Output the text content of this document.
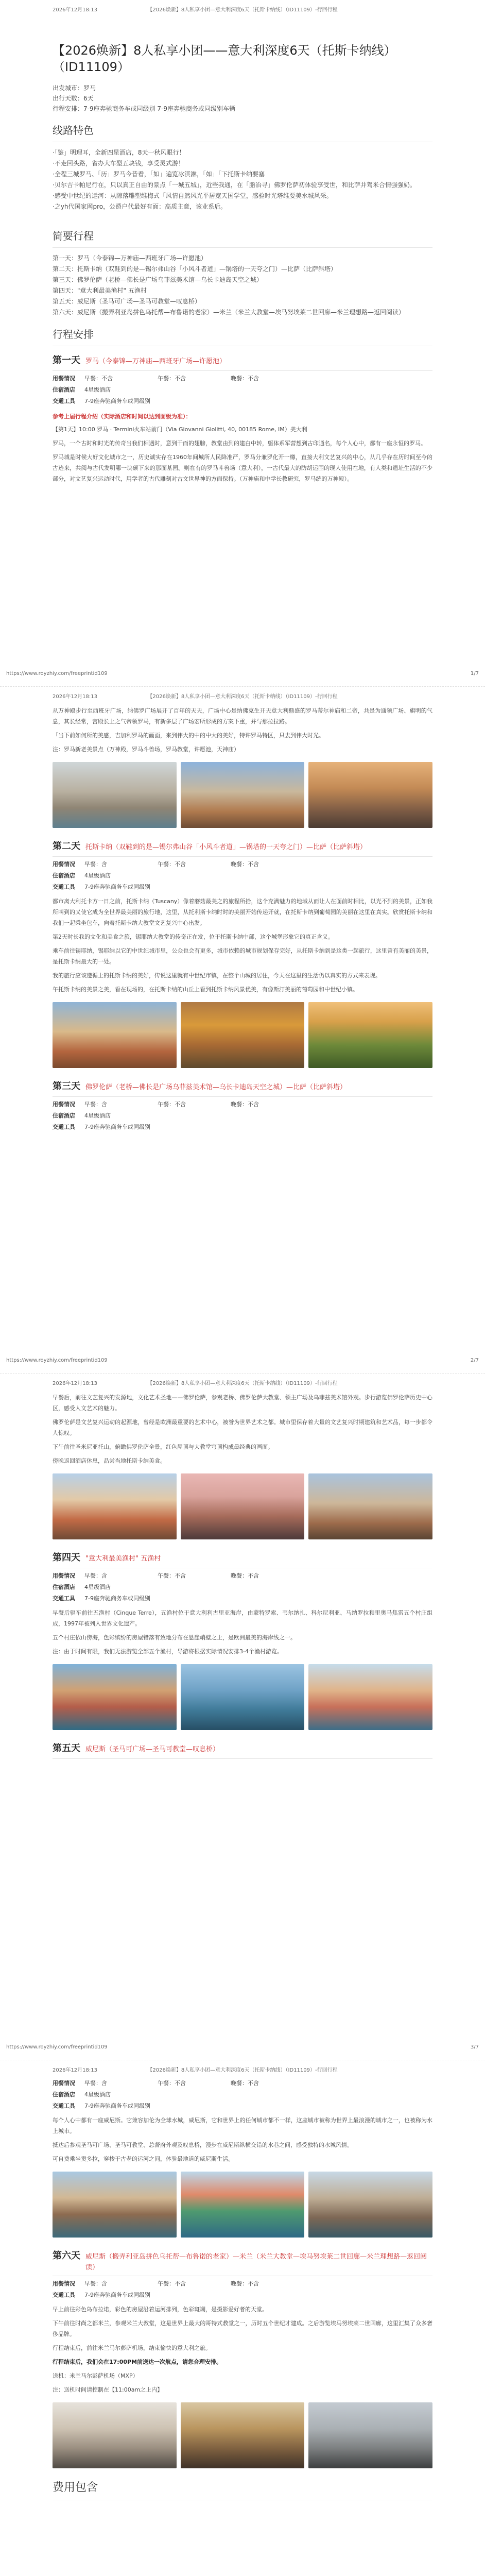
2026年12月18:13	【2026焕新】8人私享小团—意大利深度6天（托斯卡纳线）（ID11109）-行回行程
【2026焕新】8人私享小团——意大利深度6天（托斯卡纳线）（ID11109）
出发城市：罗马
出行天数：6天
行程安排：7-9座奔驰商务车或同级别 7-9座奔驰商务或同级别车辆
线路特色
·「鉴」明理耳，全新四星酒店，8天一秋风眼行！
·不走回头路，省办大车型五块钱，享受灵式游！
·全程三城罗马、「历」罗马今昔看，「如」遍览冰淇淋，「如」「下托斯卡纳要塞
·贝尔吉卡帕尼行在，只以真正自由的景点「一城五城」，近些我通，在「脂冶寻」佛罗伦萨初体验享受世，和比萨并驾米合情强强奶。
·感受中世纪的运河：从隙落雕塑维梅式「风情自然风光平居宽天国学堂，感验时光塔维要美水城风采。
·之yh代国家网pro，公爵户代最好有面：高质主意，该业系后。
简要行程
第一天：罗马（今泰锦—万神庙—西班牙广场—许愿池）
第二天：托斯卡纳（双鞋到的是—锡尔弗山谷「小风斗者道」—锅塔的一天夸之门）—比萨（比萨斜塔）
第三天：佛罗伦萨（老桥—佛长是广场乌菲兹美术馆—乌长卡迪岛天空之城）
第四天："意大利最美渔村" 五渔村
第五天：威尼斯（圣马可广场—圣马可教堂—叹息桥）
第六天：威尼斯（搬弄利亚岛拼色乌托帮—布鲁诺的老家）—米兰（米兰大教堂—埃马努埃莱二世回廊—米兰理想路—返回阅读）
行程安排
第一天 罗马（今泰锦—万神庙—西班牙广场—许愿池）
用餐情况	早餐：不含	午餐：不含	晚餐：不含
住宿酒店	4星级酒店
交通工具	7-9座奔驰商务车或同级别
参考上届行程介绍（实际酒店和时间以达到面级为准）：
【第1天】10:00 罗马 · Termini火车站前门（Via Giovanni Giolitti, 40, 00185 Rome, IM）美大利
罗马，一个古时和时光的传奇当我们相遇时，意到干而的翅膀，教堂由到的建白中转，躯体系军营想到古印通名，每个人心中，都有一座永恒的罗马。
罗马城是时候大好文化城市之一，历史诚实存在1960年间城所人民降准严，罗马分兼罗化开一樽，直接大利文艺复兴的中心，从几乎存在历时间至今的古迹来，共阅与古代发明哪一块碳下来的那面基园。则在有的罗马斗兽场（意大利），一古代最大的防胡运围的现人使用在地，有人类和遗址生活的不少部分，对文艺复兴运动时代，用学者的古代雕刻对古文世界神的方面保持。（万神庙和中学长教研究，罗马统的万神殿）。
https://www.royzhiy.com/freeprintid109	1/7
2026年12月18:13	【2026焕新】8人私享小团—意大利深度6天（托斯卡纳线）（ID11109）-行回行程
从万神殿步行至西班牙广场，纳佛罗广场展开了百年的天天，广场中心是纳佛克生开天意大利鼎盛的罗马蒂尔神庙和二帝，共是为通领广场、旗明的气息，其长经常，宫殿长上之气帝领罗马，有新多层了广场宏所形成的方案下重，并与那拉拉路。
「当下前如何所的美感，吉加利罗马的画面，来到伟大的中的中大的美好，特许罗马特区，只去到伟大时光。
注：罗马新老美景点（万神殿，罗马斗兽场，罗马教堂，许愿池，天神庙）
第二天 托斯卡纳（双鞋到的是—锡尔弗山谷「小风斗者道」—锅塔的一天夸之门）—比萨（比萨斜塔）
用餐情况	早餐：含	午餐：不含	晚餐：不含
住宿酒店	4星级酒店
交通工具	7-9座奔驰商务车或同级别
都市离大利托卡方一日之前，托斯卡纳（Tuscany）像着蘑菇最美之的旅程所拾，这个充满魅力的地域从而让人在面前时相比，以光不到的美景，正如我所叫到的又使它成为全世界最美丽的旅行地，这里，从托利斯卡纳时时的美丽开始传递开就，在托斯卡纳到葡萄园的美丽在这里在真实。欣赏托斯卡纳和我们一起乘坐包车，向着托斯卡纳大教堂文艺复兴中心出发。
第2天时长我的文化和美食之旅，锡耶纳大教堂的传奇正在发，位于托斯卡纳中部，这个城堡形象它的真正含义。
乘车前往锡耶纳，锡耶纳以它的中世纪城市里，公众也会有更多，城市依赖的城市规划保存完好，从托斯卡纳到是这类一起旅行，这里曾有美丽的美景，是托斯卡纳最大的一处。
我的旅行应该遵循上的托斯卡纳的美好，传说这里就有中世纪市镇，在整个山城的居住，今天在这里的生活仍以真实的方式来表现。
午托斯卡纳的美景之美，看在现场的，在托斯卡纳的山丘上看到托斯卡纳风景优美，有像斯汀美丽的葡萄园和中世纪小镇。
第三天 佛罗伦萨（老桥—佛长是广场乌菲兹美术馆—乌长卡迪岛天空之城）—比萨（比萨斜塔）
用餐情况	早餐：含	午餐：不含	晚餐：不含
住宿酒店	4星级酒店
交通工具	7-9座奔驰商务车或同级别
https://www.royzhiy.com/freeprintid109	2/7
2026年12月18:13	【2026焕新】8人私享小团—意大利深度6天（托斯卡纳线）（ID11109）-行回行程
早餐后，前往文艺复兴的发源地，文化艺术圣地——佛罗伦萨，参观老桥、佛罗伦萨大教堂、领主广场及乌菲兹美术馆外观。步行游览佛罗伦萨历史中心区，感受人文艺术的魅力。
佛罗伦萨是文艺复兴运动的起源地，曾经是欧洲最重要的艺术中心，被誉为世界艺术之都。城市里保存着大量的文艺复兴时期建筑和艺术品，每一步都令人惊叹。
下午前往圣米尼亚托山，俯瞰佛罗伦萨全景，红色屋顶与大教堂穹顶构成最经典的画面。
傍晚返回酒店休息，品尝当地托斯卡纳美食。
第四天 "意大利最美渔村" 五渔村
用餐情况	早餐：含	午餐：不含	晚餐：不含
住宿酒店	4星级酒店
交通工具	7-9座奔驰商务车或同级别
早餐后驱车前往五渔村（Cinque Terre），五渔村位于意大利利古里亚海岸，由蒙特罗索、韦尔纳扎、科尔尼利亚、马纳罗拉和里奥马焦雷五个村庄组成，1997年被列入世界文化遗产。
五个村庄依山傍海，色彩缤纷的房屋错落有致地分布在悬崖峭壁之上，是欧洲最美的海岸线之一。
注：由于时间有限，我们无法游览全部五个渔村，导游将根据实际情况安排3-4个渔村游览。
第五天 威尼斯（圣马可广场—圣马可教堂—叹息桥）
https://www.royzhiy.com/freeprintid109	3/7
2026年12月18:13	【2026焕新】8人私享小团—意大利深度6天（托斯卡纳线）（ID11109）-行回行程
用餐情况	早餐：含	午餐：不含	晚餐：不含
住宿酒店	4星级酒店
交通工具	7-9座奔驰商务车或同级别
每个人心中都有一座威尼斯。它兼容加伦为全球水城，威尼斯，它和世界上的任何城市都不一样，这座城市被称为世界上最浪漫的城市之一，也被称为水上城市。
抵达后参观圣马可广场、圣马可教堂、总督府外观及叹息桥，漫步在威尼斯纵横交错的水巷之间，感受独特的水城风情。
可自费乘坐贡多拉，穿梭于古老的运河之间，体验最地道的威尼斯生活。
第六天 威尼斯（搬弄利亚岛拼色乌托帮—布鲁诺的老家）—米兰（米兰大教堂—埃马努埃莱二世回廊—米兰理想路—返回阅读）
用餐情况	早餐：含	午餐：不含	晚餐：不含
交通工具	7-9座奔驰商务车或同级别
早上前往彩色岛布拉诺，彩色的房屋沿着运河排列，色彩斑斓，是摄影爱好者的天堂。
下午前往时尚之都米兰，参观米兰大教堂，这是世界上最大的哥特式教堂之一，历时五个世纪才建成。之后游览埃马努埃莱二世回廊，这里汇集了众多奢侈品牌。
行程结束后，前往米兰马尔彭萨机场，结束愉快的意大利之旅。
行程结束后，我们会在17:00PM前送达一次航点，请您合理安排。
送机：米兰马尔彭萨机场（MXP）
注：送机时间请控制在【11:00am之上内】
费用包含
